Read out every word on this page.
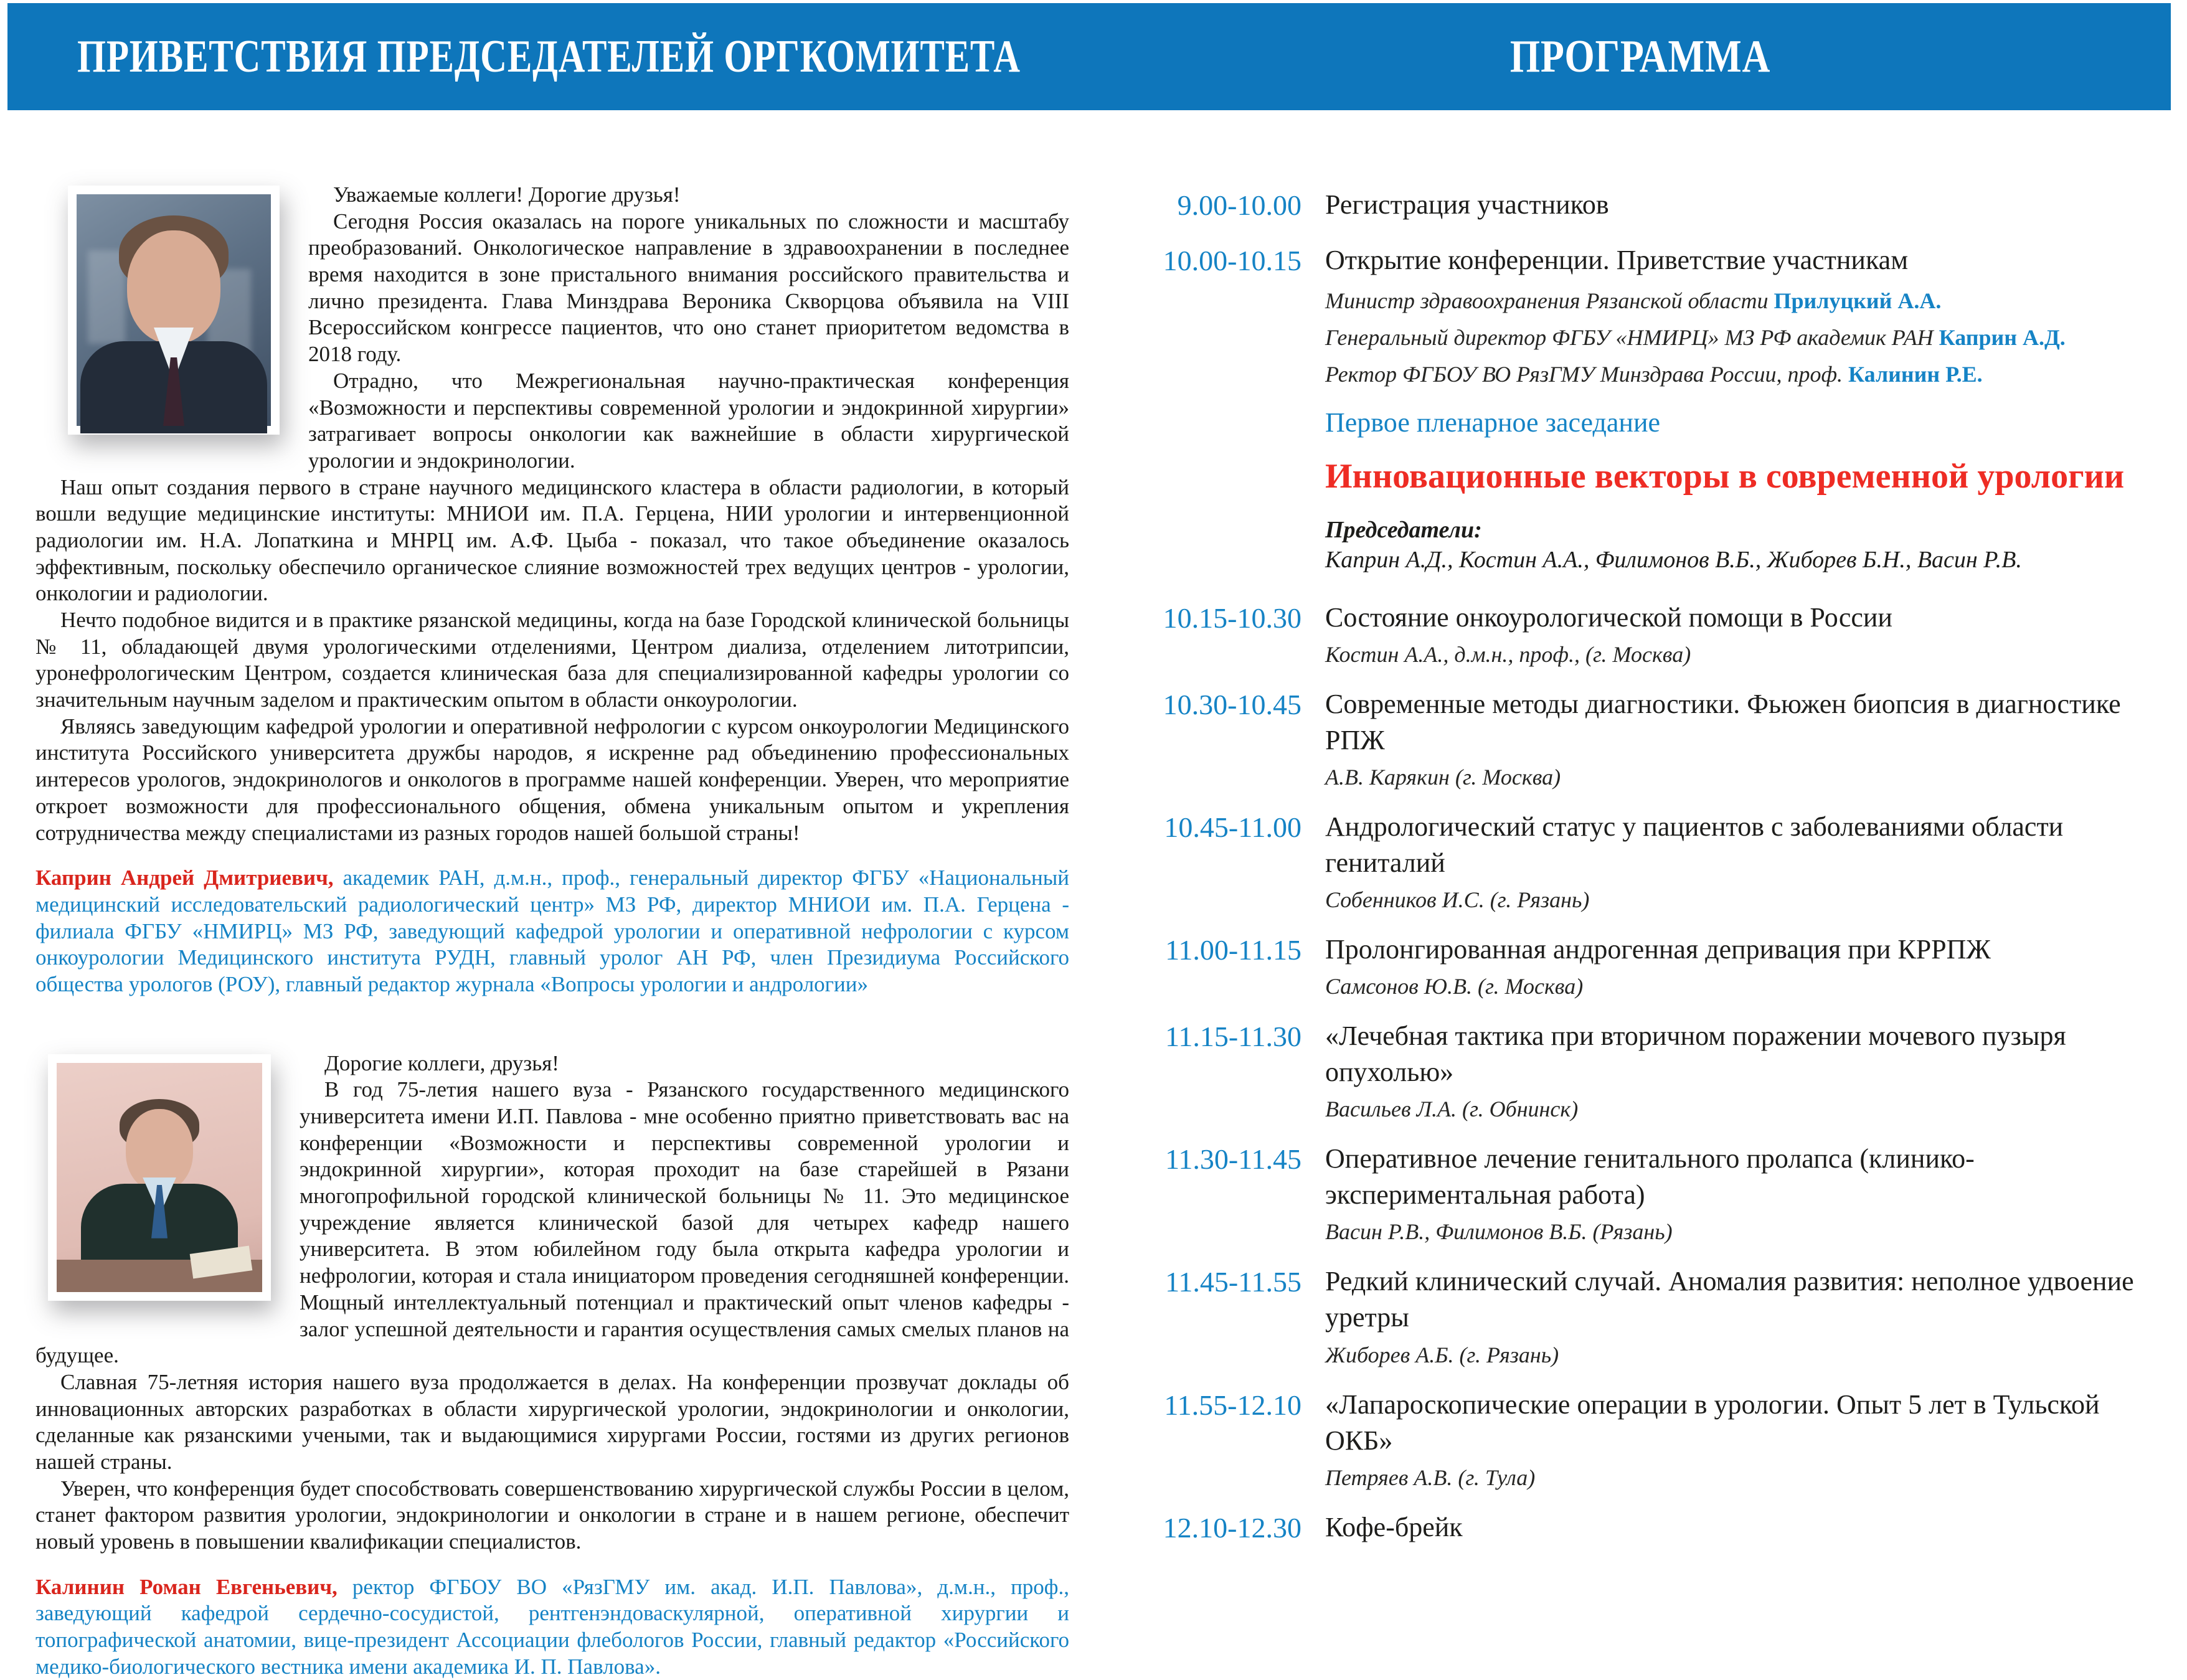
ПРИВЕТСТВИЯ ПРЕДСЕДАТЕЛЕЙ ОРГКОМИТЕТА	ПРОГРАММА

Уважаемые коллеги! Дорогие друзья!

Сегодня Россия оказалась на пороге уникальных по сложности и масштабу преобразований. Онкологическое направление в здравоохранении в последнее время находится в зоне пристального внимания российского правительства и лично президента. Глава Минздрава Вероника Скворцова объявила на VIII Всероссийском конгрессе пациентов, что оно станет приоритетом ведомства в 2018 году.

Отрадно, что Межрегиональная научно-практическая конференция «Возможности и перспективы современной урологии и эндокринной хирургии» затрагивает вопросы онкологии как важнейшие в области хирургической урологии и эндокринологии.

Наш опыт создания первого в стране научного медицинского кластера в области радиологии, в который вошли ведущие медицинские институты: МНИОИ им. П.А. Герцена, НИИ урологии и интервенционной радиологии им. Н.А. Лопаткина и МНРЦ им. А.Ф. Цыба - показал, что такое объединение оказалось эффективным, поскольку обеспечило органическое слияние возможностей трех ведущих центров - урологии, онкологии и радиологии.

Нечто подобное видится и в практике рязанской медицины, когда на базе Городской клинической больницы № 11, обладающей двумя урологическими отделениями, Центром диализа, отделением литотрипсии, уронефрологическим Центром, создается клиническая база для специализированной кафедры урологии со значительным научным заделом и практическим опытом в области онкоурологии.

Являясь заведующим кафедрой урологии и оперативной нефрологии с курсом онкоурологии Медицинского института Российского университета дружбы народов, я искренне рад объединению профессиональных интересов урологов, эндокринологов и онкологов в программе нашей конференции. Уверен, что мероприятие откроет возможности для профессионального общения, обмена уникальным опытом и укрепления сотрудничества между специалистами из разных городов нашей большой страны!

Каприн Андрей Дмитриевич, академик РАН, д.м.н., проф., генеральный директор ФГБУ «Национальный медицинский исследовательский радиологический центр» МЗ РФ, директор МНИОИ им. П.А. Герцена - филиала ФГБУ «НМИРЦ» МЗ РФ, заведующий кафедрой урологии и оперативной нефрологии с курсом онкоурологии Медицинского института РУДН, главный уролог АН РФ, член Президиума Российского общества урологов (РОУ), главный редактор журнала «Вопросы урологии и андрологии»

Дорогие коллеги, друзья!

В год 75-летия нашего вуза - Рязанского государственного медицинского университета имени И.П. Павлова - мне особенно приятно приветствовать вас на конференции «Возможности и перспективы современной урологии и эндокринной хирургии», которая проходит на базе старейшей в Рязани многопрофильной городской клинической больницы № 11. Это медицинское учреждение является клинической базой для четырех кафедр нашего университета. В этом юбилейном году была открыта кафедра урологии и нефрологии, которая и стала инициатором проведения сегодняшней конференции. Мощный интеллектуальный потенциал и практический опыт членов кафедры - залог успешной деятельности и гарантия осуществления самых смелых планов на будущее.

Славная 75-летняя история нашего вуза продолжается в делах. На конференции прозвучат доклады об инновационных авторских разработках в области хирургической урологии, эндокринологии и онкологии, сделанные как рязанскими учеными, так и выдающимися хирургами России, гостями из других регионов нашей страны.

Уверен, что конференция будет способствовать совершенствованию хирургической службы России в целом, станет фактором развития урологии, эндокринологии и онкологии в стране и в нашем регионе, обеспечит новый уровень в повышении квалификации специалистов.

Калинин Роман Евгеньевич, ректор ФГБОУ ВО «РязГМУ им. акад. И.П. Павлова», д.м.н., проф., заведующий кафедрой сердечно-сосудистой, рентгенэндоваскулярной, оперативной хирургии и топографической анатомии, вице-президент Ассоциации флебологов России, главный редактор «Российского медико-биологического вестника имени академика И. П. Павлова».

9.00-10.00 Регистрация участников
10.00-10.15 Открытие конференции. Приветствие участникам
Министр здравоохранения Рязанской области Прилуцкий А.А.
Генеральный директор ФГБУ «НМИРЦ» МЗ РФ академик РАН Каприн А.Д.
Ректор ФГБОУ ВО РязГМУ Минздрава России, проф. Калинин Р.Е.
Первое пленарное заседание
Инновационные векторы в современной урологии
Председатели:
Каприн А.Д., Костин А.А., Филимонов В.Б., Жиборев Б.Н., Васин Р.В.
10.15-10.30 Состояние онкоурологической помощи в России
Костин А.А., д.м.н., проф., (г. Москва)
10.30-10.45 Современные методы диагностики. Фьюжен биопсия в диагностике РПЖ
А.В. Карякин (г. Москва)
10.45-11.00 Андрологический статус у пациентов с заболеваниями области гениталий
Собенников И.С. (г. Рязань)
11.00-11.15 Пролонгированная андрогенная депривация при КРРПЖ
Самсонов Ю.В. (г. Москва)
11.15-11.30 «Лечебная тактика при вторичном поражении мочевого пузыря опухолью»
Васильев Л.А. (г. Обнинск)
11.30-11.45 Оперативное лечение генитального пролапса (клинико-экспериментальная работа)
Васин Р.В., Филимонов В.Б. (Рязань)
11.45-11.55 Редкий клинический случай. Аномалия развития: неполное удвоение уретры
Жиборев А.Б. (г. Рязань)
11.55-12.10 «Лапароскопические операции в урологии. Опыт 5 лет в Тульской ОКБ»
Петряев А.В. (г. Тула)
12.10-12.30 Кофе-брейк
